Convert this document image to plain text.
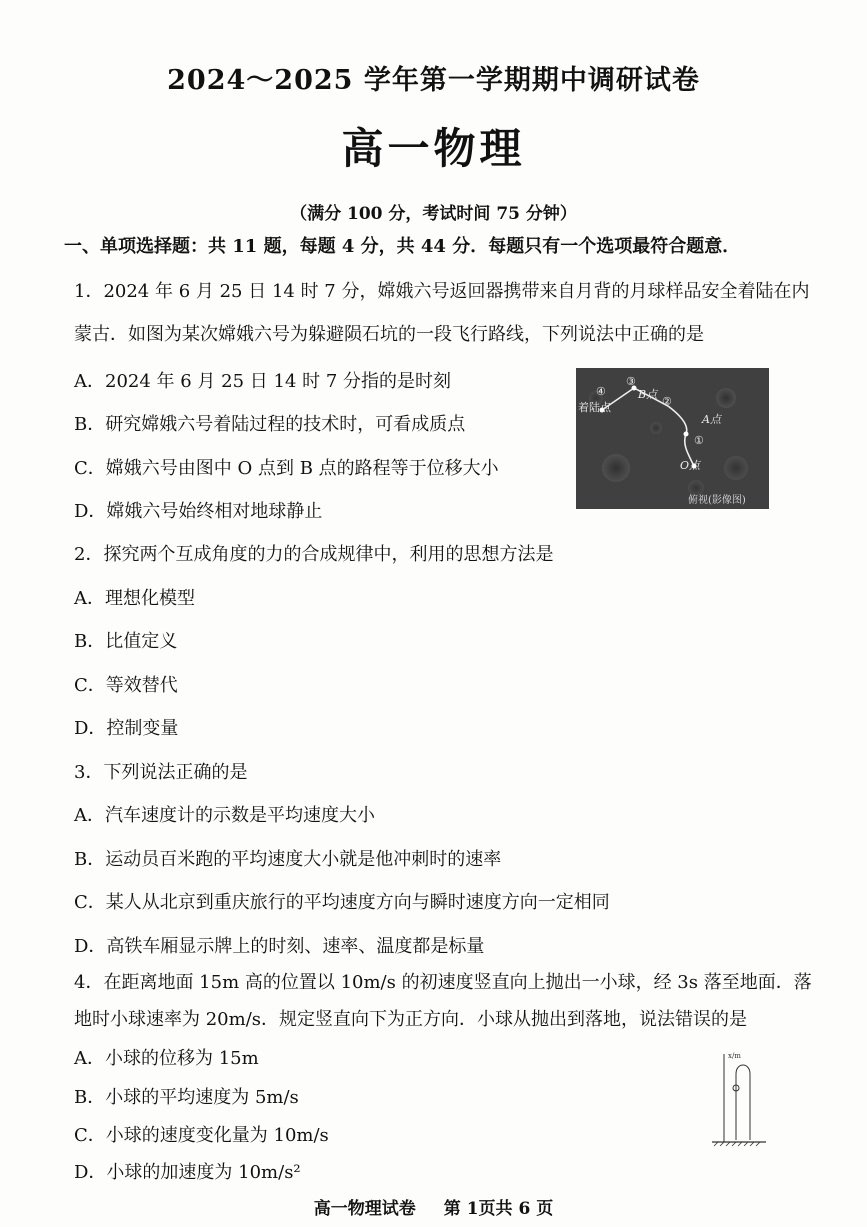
2024～2025 学年第一学期期中调研试卷
高一物理
（满分 100 分，考试时间 75 分钟）
一、单项选择题：共 11 题，每题 4 分，共 44 分．每题只有一个选项最符合题意．
1．2024 年 6 月 25 日 14 时 7 分，嫦娥六号返回器携带来自月背的月球样品安全着陆在内
蒙古．如图为某次嫦娥六号为躲避陨石坑的一段飞行路线，下列说法中正确的是
A．2024 年 6 月 25 日 14 时 7 分指的是时刻
B．研究嫦娥六号着陆过程的技术时，可看成质点
C．嫦娥六号由图中 O 点到 B 点的路程等于位移大小
D．嫦娥六号始终相对地球静止
④
③
②
①
B点
A点
O点
着陆点
俯视(影像图)
2．探究两个互成角度的力的合成规律中，利用的思想方法是
A．理想化模型
B．比值定义
C．等效替代
D．控制变量
3．下列说法正确的是
A．汽车速度计的示数是平均速度大小
B．运动员百米跑的平均速度大小就是他冲刺时的速率
C．某人从北京到重庆旅行的平均速度方向与瞬时速度方向一定相同
D．高铁车厢显示牌上的时刻、速率、温度都是标量
4．在距离地面 15m 高的位置以 10m/s 的初速度竖直向上抛出一小球，经 3s 落至地面．落
地时小球速率为 20m/s．规定竖直向下为正方向．小球从抛出到落地，说法错误的是
A．小球的位移为 15m
B．小球的平均速度为 5m/s
C．小球的速度变化量为 10m/s
D．小球的加速度为 10m/s²
x/m
高一物理试卷 第 1页共 6 页
